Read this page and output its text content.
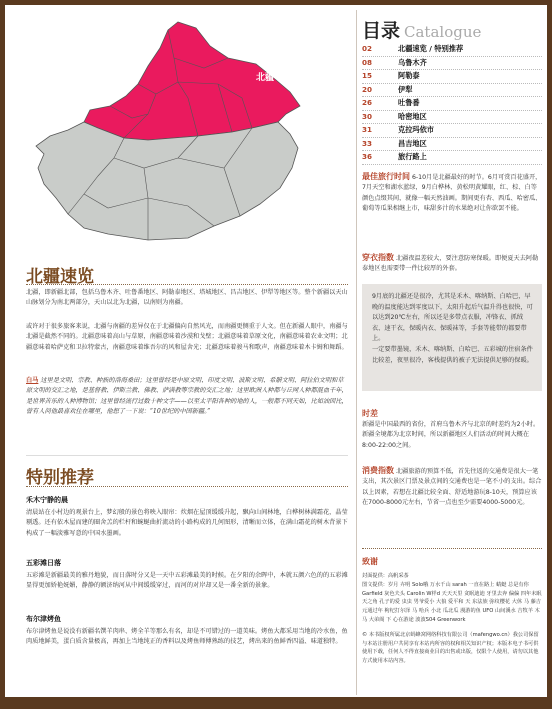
北疆
北疆速览
北疆，即新疆北部，包括乌鲁木齐、吐鲁番地区、阿勒泰地区、塔城地区、昌吉地区、伊犁等地区等。整个新疆以天山山脉划分为南北两部分，天山以北为北疆，以南则为南疆。
或许对于很多旅客来说，北疆与南疆的差异仅在于北疆偏向自然风光，而南疆更侧重于人文。但在新疆人眼中，南疆与北疆是截然不同的。北疆意味着高山与草原，南疆意味着沙漠和戈壁；北疆意味着草原文化，南疆意味着农业文明；北疆意味着哈萨克和卫拉特蒙古，南疆意味着维吾尔的风和屋舍光；北疆意味着骏马和歌声，南疆意味着木卡姆和舞蹈。
白马 这里是文明、宗教、种族的洛海桑田；这里曾经是中原文明、印度文明、波斯文明、希腊文明、阿拉伯文明和草原文明的交汇之地，是基督教、伊斯兰教、佛教、萨满教等宗教的交汇之地；这里欧洲人种都与丘网人种都混血千年，是世界苦乐的人种博物馆；这里曾经流行过数十种文字——以至太平阳各种的地的人，一般都不同天如，比如油因比，曾有人问他最喜欢住在哪里，他想了一下说：“10世纪的中国新疆。”
特别推荐
禾木宁静的晨
清晨站在小村边的观景台上，梦幻般的景色将映入眼帘：炊烟在屋顶缓缓升起，飘向山间林地，白桦树林满霜花，晶莹剔透。还有依木屋而建的圈舍羔的栏杆和蜿蜒曲折流动的小路构成的几何图形，清晰而立体，在满山霜花的树木背景下构成了一幅淡雅写意的中国水墨画。
五彩滩日落
五彩滩是新疆最美的雅丹地貌，而日落时分又是一天中五彩滩最美的时候。在夕阳的余晖中，本就五颜六色的的五彩滩显得更加娇艳妩媚，静静的额济纳河从中间缓缓穿过，而河的对岸却又是一番全新的景象。
布尔津烤鱼
布尔津烤鱼是说没有新疆名馔羊肉串、烤全羊等那么有名，却是不可错过的一道美味。烤鱼大都采用当地的冷水鱼，鱼肉质地鲜美，蛋白质含量极高，再加上当地纯正的香料以及烤鱼师傅熟练的技艺，烤出来的鱼鲜香四溢、味道独特。
目录 Catalogue
02	北疆速览 / 特别推荐
08	乌鲁木齐
15	阿勒泰
20	伊犁
26	吐鲁番
30	哈密地区
31	克拉玛依市
33	昌吉地区
36	旅行路上
最佳旅行时间 6-10月是北疆最好的时节。6月可赏百花盛开，7月天空和湖水蓝绿，9月白桦林、黄松明黄耀眼，红、棕、白等颜色点缀其间，就像一幅天然油画。期间更有杏、西瓜、哈密瓜、葡萄等瓜果相继上市，味甜多汁的水果绝对让你欲罢不能。
穿衣指数 北疆夜温差较大，要注意防寒保暖。即便夏天去阿勒泰地区也需要带一件比较厚的外套。
9月底的北疆还是很冷，尤其是禾木、喀纳斯、白哈巴，早晚的温度能达到零度以下，太阳升起后气温升得也很快，可以达到20℃左右，所以还是多带点衣服，冲锋衣、抓绒衣、速干衣，保暖内衣、保暖袜等，手套等能带的都要带上。
一定要带墨镜，禾木、喀纳斯、白哈巴、五彩城的住宿条件比较差，夜里很冷，客栈提供的被子无法提供足够的保暖。
时差
新疆是中国最西的省份，首府乌鲁木齐与北京的时差约为2小时。新疆全境都为北京时间，所以新疆地区人们活动的时间大概在8:00-22:00之间。
消费指数 北疆旅游的预算不低，首先往返的交通费是很大一笔支出，其次景区门票及景点间的交通费也是一笔不小的支出。综合以上因素，若想在北疆比较全面、舒适地游玩8-10天，预算应该在7000-8000元左右，节省一点也至少需要4000-5000元。
致谢
封面提供：高帆采茶
图文提供：岁月 卉明 Solo哦 万水千山 sarah 一直在路上 蜻蜓 总是有你 Garfield 灰色夫头 Carolin W样d 天天天里 贪眠迪迪 牙里去奔 偏偏 四年未眠 天之角 孔子的爱 虫虫 男爷爱小 大狼 爱平和 天 东法族 弥纹樱花 大休 马 藤吉 元通过年 枸杞打尔泽 马 哈兵 小北 瓜北瓜 漫游的鱼 UFO 山间溪水 吉牧羊 木马 大弟阁 下 心在游途 波波S04 Greenwork
© 本书版权所属北京蚂蜂窝网络科技有限公司（mafengwo.cn）我公司保留与本站注册用户共同享有本站内所容的权和相关知识产权；本版本电子书可供使用下载，任何人不得直接商业目的出售或出版，仅限个人使用，请勿以其他方式使用本站内容。
